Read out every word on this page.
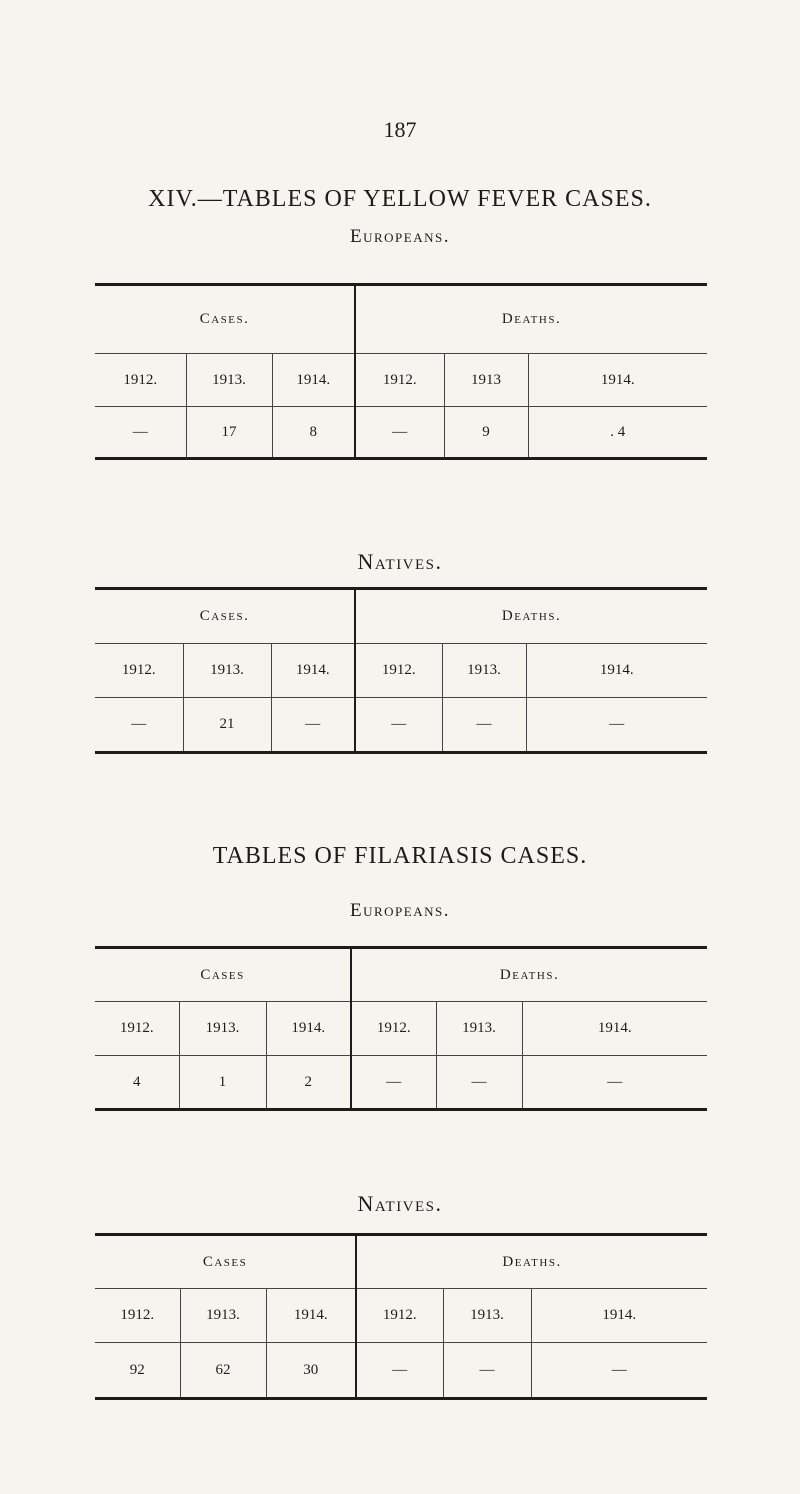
187
XIV.—TABLES OF YELLOW FEVER CASES.
Europeans.
Cases.			Deaths.		
1912.	1913.	1914.	1912.	1913	1914.
—	17	8	—	9	. 4
Natives.
Cases.			Deaths.		
1912.	1913.	1914.	1912.	1913.	1914.
—	21	—	—	—	—
TABLES OF FILARIASIS CASES.
Europeans.
Cases			Deaths.		
1912.	1913.	1914.	1912.	1913.	1914.
4	1	2	—	—	—
Natives.
Cases			Deaths.		
1912.	1913.	1914.	1912.	1913.	1914.
92	62	30	—	—	—
